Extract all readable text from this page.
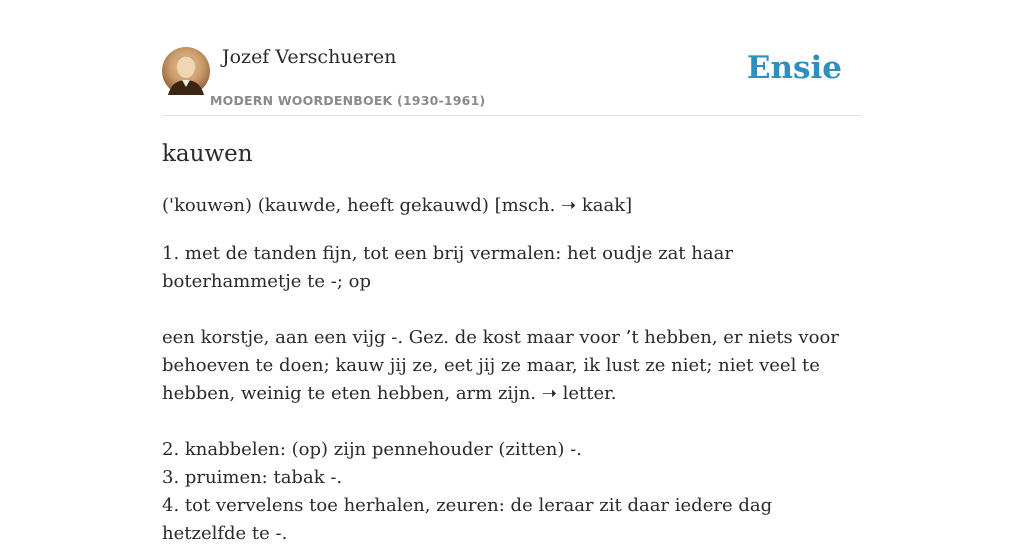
Jozef Verschueren
MODERN WOORDENBOEK (1930-1961)
Ensie
kauwen
('kouwən) (kauwde, heeft gekauwd) [msch. ➝ kaak]

1. met de tanden fijn, tot een brij vermalen: het oudje zat haar boterhammetje te -; op

een korstje, aan een vijg -. Gez. de kost maar voor ’t hebben, er niets voor behoeven te doen; kauw jij ze, eet jij ze maar, ik lust ze niet; niet veel te hebben, weinig te eten hebben, arm zijn. ➝ letter.

2. knabbelen: (op) zijn pennehouder (zitten) -.

3. pruimen: tabak -.

4. tot vervelens toe herhalen, zeuren: de leraar zit daar iedere dag hetzelfde te -.
